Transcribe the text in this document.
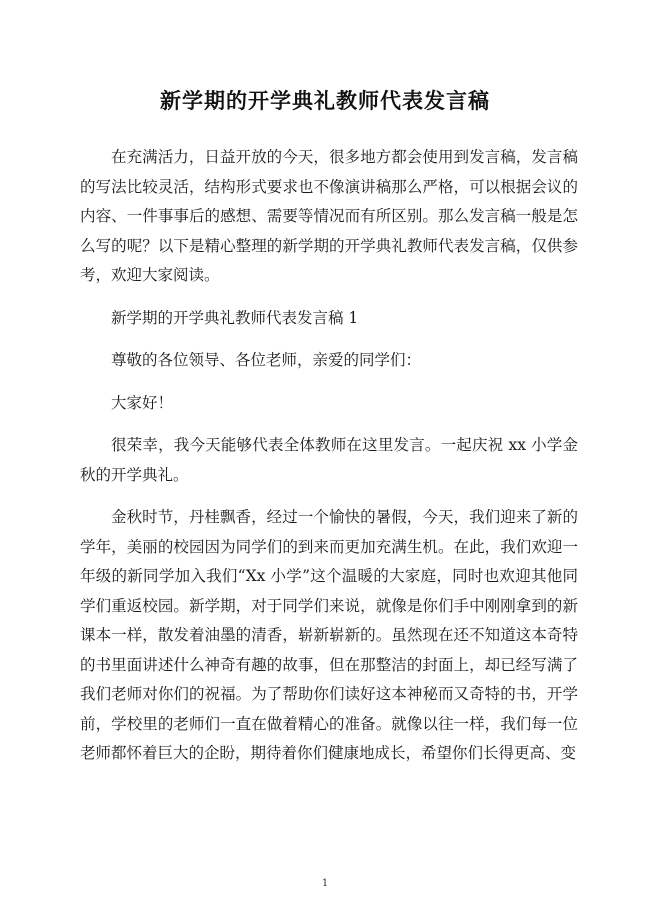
新学期的开学典礼教师代表发言稿

在充满活力，日益开放的今天，很多地方都会使用到发言稿，发言稿的写法比较灵活，结构形式要求也不像演讲稿那么严格，可以根据会议的内容、一件事事后的感想、需要等情况而有所区别。那么发言稿一般是怎么写的呢？以下是精心整理的新学期的开学典礼教师代表发言稿，仅供参考，欢迎大家阅读。

新学期的开学典礼教师代表发言稿 1

尊敬的各位领导、各位老师，亲爱的同学们：

大家好！

很荣幸，我今天能够代表全体教师在这里发言。一起庆祝 xx 小学金秋的开学典礼。

金秋时节，丹桂飘香，经过一个愉快的暑假，今天，我们迎来了新的学年，美丽的校园因为同学们的到来而更加充满生机。在此，我们欢迎一年级的新同学加入我们“Xx 小学”这个温暖的大家庭，同时也欢迎其他同学们重返校园。新学期，对于同学们来说，就像是你们手中刚刚拿到的新课本一样，散发着油墨的清香，崭新崭新的。虽然现在还不知道这本奇特的书里面讲述什么神奇有趣的故事，但在那整洁的封面上，却已经写满了我们老师对你们的祝福。为了帮助你们读好这本神秘而又奇特的书，开学前，学校里的老师们一直在做着精心的准备。就像以往一样，我们每一位老师都怀着巨大的企盼，期待着你们健康地成长，希望你们长得更高、变

1
